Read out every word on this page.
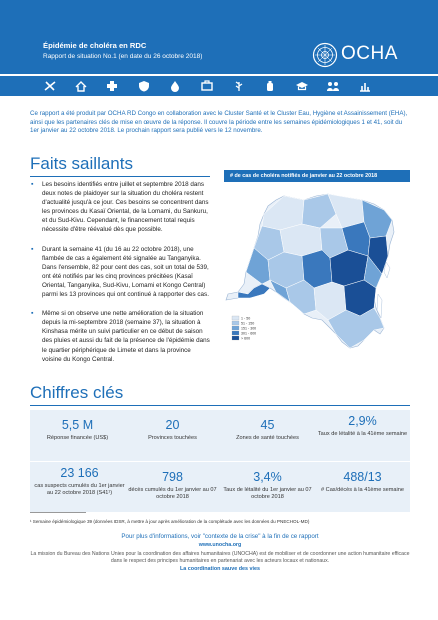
Épidémie de choléra en RDC
Rapport de situation No.1 (en date du 26 octobre 2018)	OCHA
Ce rapport a été produit par OCHA RD Congo en collaboration avec le Cluster Santé et le Cluster Eau, Hygiène et Assainissement (EHA), ainsi que les partenaires clés de mise en œuvre de la réponse. Il couvre la période entre les semaines épidémiologiques 1 et 41, soit du 1er janvier au 22 octobre 2018. Le prochain rapport sera publié vers le 12 novembre.
Faits saillants
▪ Les besoins identifiés entre juillet et septembre 2018 dans deux notes de plaidoyer sur la situation du choléra restent d'actualité jusqu'à ce jour. Ces besoins se concentrent dans les provinces du Kasaï Oriental, de la Lomami, du Sankuru, et du Sud-Kivu. Cependant, le financement total requis nécessite d'être réévalué dès que possible.
▪ Durant la semaine 41 (du 16 au 22 octobre 2018), une flambée de cas a également été signalée au Tanganyika. Dans l'ensemble, 82 pour cent des cas, soit un total de 539, ont été notifiés par les cinq provinces précitées (Kasaï Oriental, Tanganyika, Sud-Kivu, Lomami et Kongo Central) parmi les 13 provinces qui ont continué à rapporter des cas.
▪ Même si on observe une nette amélioration de la situation depuis la mi-septembre 2018 (semaine 37), la situation à Kinshasa mérite un suivi particulier en ce début de saison des pluies et aussi du fait de la présence de l'épidémie dans le quartier périphérique de Limete et dans la province voisine du Kongo Central.
# de cas de choléra notifiés de janvier au 22 octobre 2018
1 - 50
51 - 150
151 - 300
301 - 600
> 600
Chiffres clés
5,5 M
Réponse financée (US$)
20
Provinces touchées
45
Zones de santé touchées
2,9%
Taux de létalité à la 41ème semaine
23 166
cas suspects cumulés du 1er janvier au 22 octobre 2018 (S41¹)
798
décès cumulés du 1er janvier au 07 octobre 2018
3,4%
Taux de létalité du 1er janvier au 07 octobre 2018
488/13
# Cas/décès à la 41ème semaine
¹ Semaine épidémiologique 39 (données IDSR, à mettre à jour après amélioration de la complétude avec les données du PNECHOL-MD)
Pour plus d'informations, voir "contexte de la crise" à la fin de ce rapport
www.unocha.org
La mission du Bureau des Nations Unies pour la coordination des affaires humanitaires (UNOCHA) est de mobiliser et de coordonner une action humanitaire efficace dans le respect des principes humanitaires en partenariat avec les acteurs locaux et nationaux.
La coordination sauve des vies
